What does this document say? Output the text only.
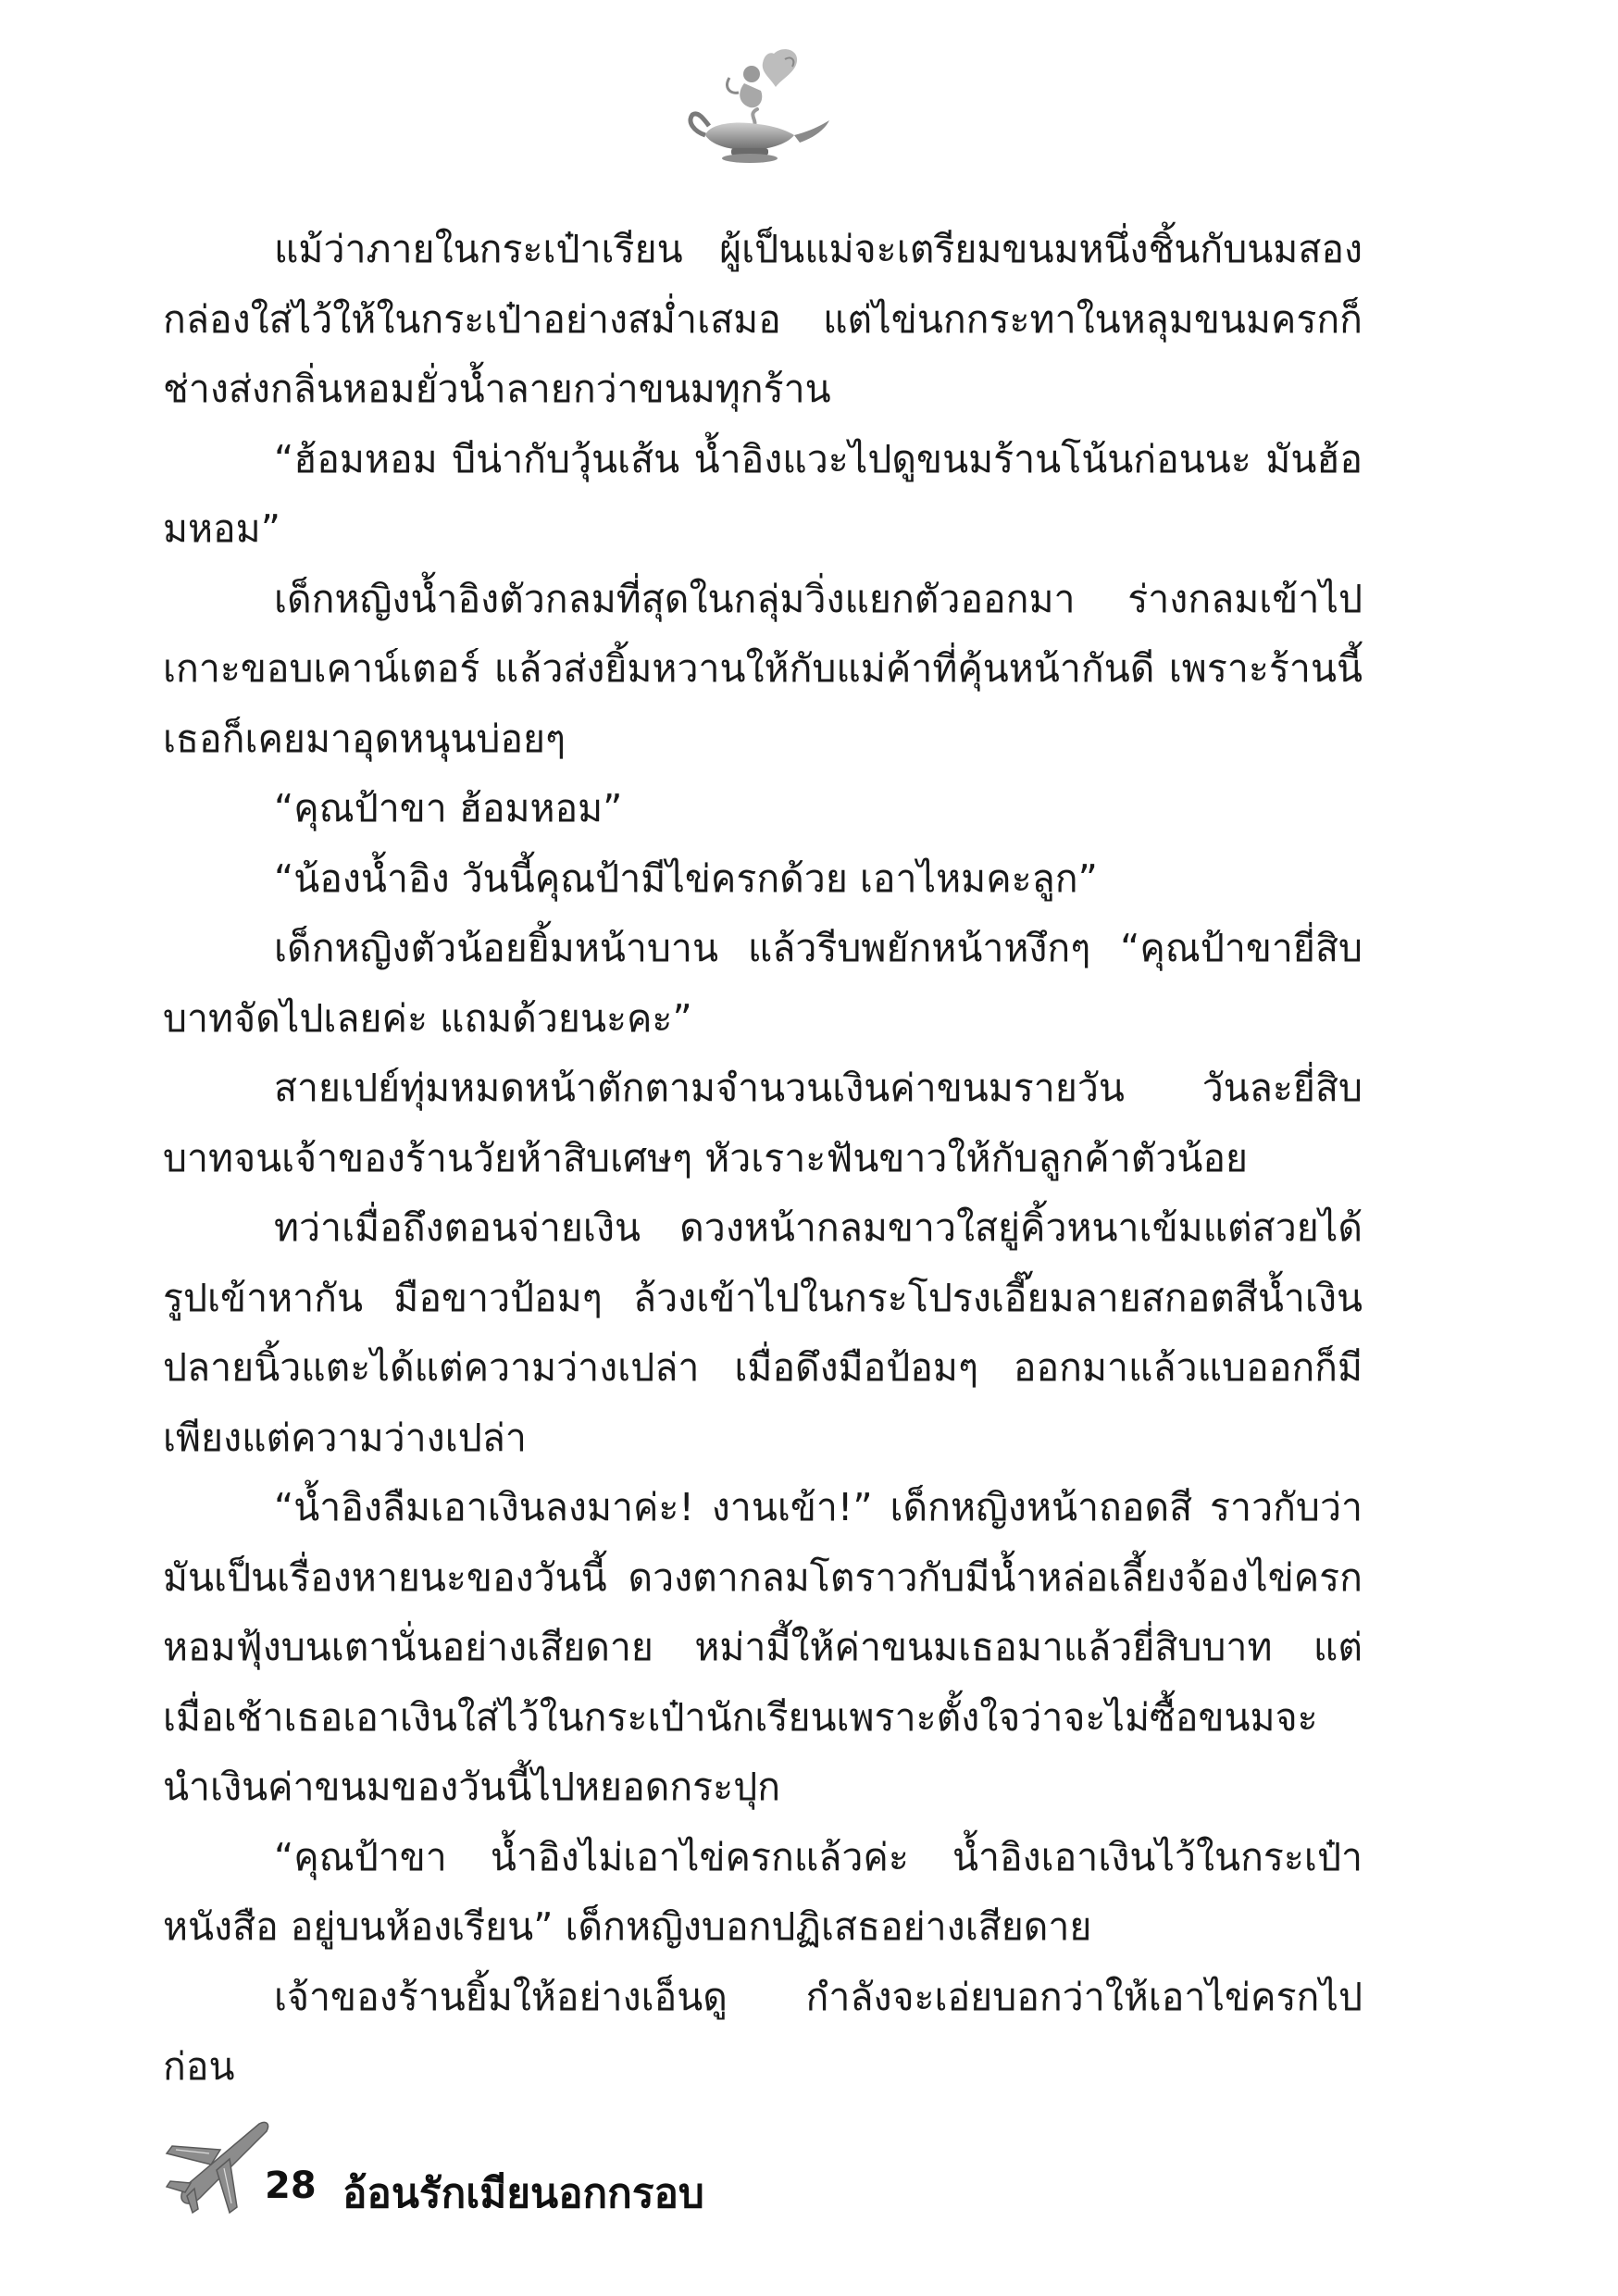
แม้ว่าภายในกระเป๋าเรียน ผู้เป็นแม่จะเตรียมขนมหนึ่งชิ้นกับนมสองกล่องใส่ไว้ให้ในกระเป๋าอย่างสม่ำเสมอ แต่ไข่นกกระทาในหลุมขนมครกก็ช่างส่งกลิ่นหอมยั่วน้ำลายกว่าขนมทุกร้าน

“ฮ้อมหอม บีน่ากับวุ้นเส้น น้ำอิงแวะไปดูขนมร้านโน้นก่อนนะ มันฮ้อมหอม”

เด็กหญิงน้ำอิงตัวกลมที่สุดในกลุ่มวิ่งแยกตัวออกมา ร่างกลมเข้าไปเกาะขอบเคาน์เตอร์ แล้วส่งยิ้มหวานให้กับแม่ค้าที่คุ้นหน้ากันดี เพราะร้านนี้เธอก็เคยมาอุดหนุนบ่อยๆ

“คุณป้าขา ฮ้อมหอม”

“น้องน้ำอิง วันนี้คุณป้ามีไข่ครกด้วย เอาไหมคะลูก”

เด็กหญิงตัวน้อยยิ้มหน้าบาน แล้วรีบพยักหน้าหงึกๆ “คุณป้าขายี่สิบบาทจัดไปเลยค่ะ แถมด้วยนะคะ”

สายเปย์ทุ่มหมดหน้าตักตามจำนวนเงินค่าขนมรายวัน วันละยี่สิบบาทจนเจ้าของร้านวัยห้าสิบเศษๆ หัวเราะฟันขาวให้กับลูกค้าตัวน้อย

ทว่าเมื่อถึงตอนจ่ายเงิน ดวงหน้ากลมขาวใสยู่คิ้วหนาเข้มแต่สวยได้รูปเข้าหากัน มือขาวป้อมๆ ล้วงเข้าไปในกระโปรงเอี๊ยมลายสกอตสีน้ำเงินปลายนิ้วแตะได้แต่ความว่างเปล่า เมื่อดึงมือป้อมๆ ออกมาแล้วแบออกก็มีเพียงแต่ความว่างเปล่า

“น้ำอิงลืมเอาเงินลงมาค่ะ! งานเข้า!” เด็กหญิงหน้าถอดสี ราวกับว่ามันเป็นเรื่องหายนะของวันนี้ ดวงตากลมโตราวกับมีน้ำหล่อเลี้ยงจ้องไข่ครกหอมฟุ้งบนเตานั่นอย่างเสียดาย หม่ามี้ให้ค่าขนมเธอมาแล้วยี่สิบบาท แต่เมื่อเช้าเธอเอาเงินใส่ไว้ในกระเป๋านักเรียนเพราะตั้งใจว่าจะไม่ซื้อขนมจะนำเงินค่าขนมของวันนี้ไปหยอดกระปุก

“คุณป้าขา น้ำอิงไม่เอาไข่ครกแล้วค่ะ น้ำอิงเอาเงินไว้ในกระเป๋าหนังสือ อยู่บนห้องเรียน” เด็กหญิงบอกปฏิเสธอย่างเสียดาย

เจ้าของร้านยิ้มให้อย่างเอ็นดู กำลังจะเอ่ยบอกว่าให้เอาไข่ครกไปก่อน

28 อ้อนรักเมียนอกกรอบ
